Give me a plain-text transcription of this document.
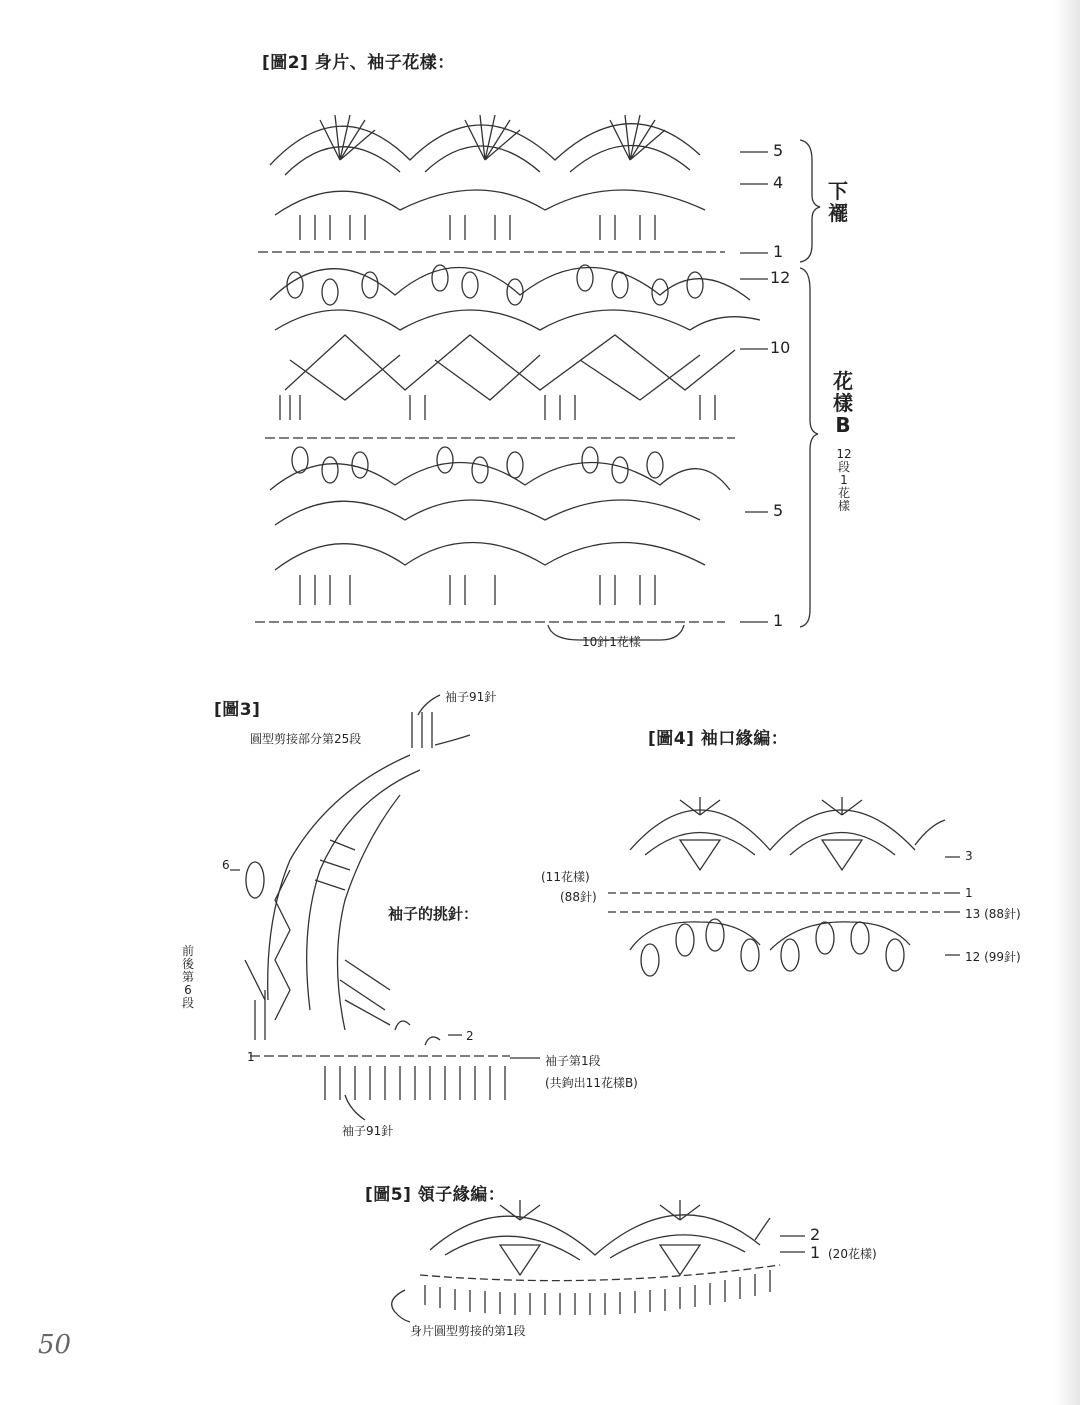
[圖2] 身片、袖子花樣：
5
4
1
12
10
5
1
下襬
花樣B
12段1花樣
10針1花樣
[圖3]
袖子91針
圓型剪接部分第25段
前後第6段
6
2
1
袖子的挑針：
袖子第1段
(共鉤出11花樣B)
袖子91針
[圖4] 袖口緣編：
(11花樣)
(88針)
3
1
13 (88針)
12 (99針)
[圖5] 領子緣編：
2
1 (20花樣)
身片圓型剪接的第1段
50
